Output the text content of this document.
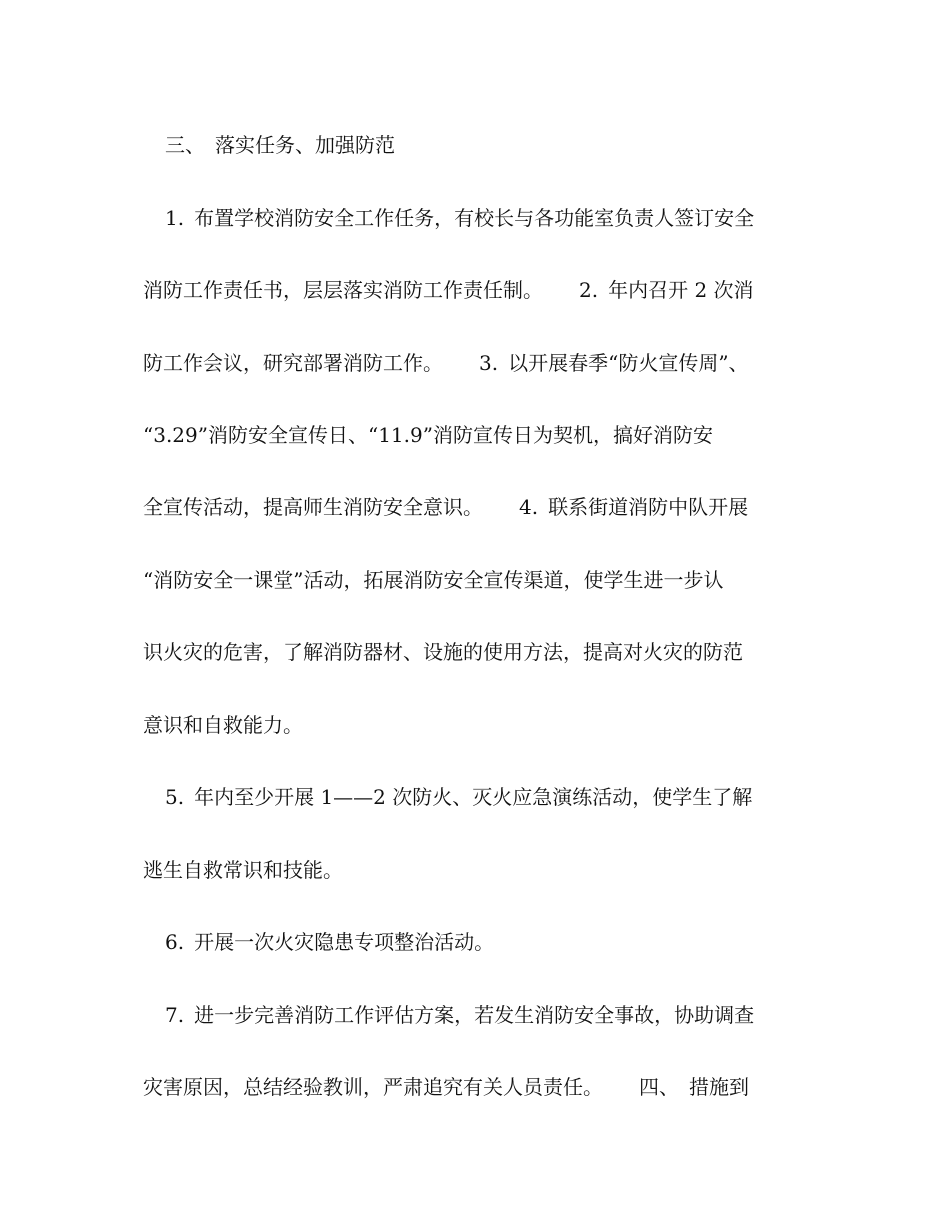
三、 落实任务、加强防范
1. 布置学校消防安全工作任务，有校长与各功能室负责人签订安全
消防工作责任书，层层落实消防工作责任制。 2. 年内召开 2 次消
防工作会议，研究部署消防工作。 3. 以开展春季“防火宣传周”、
“3.29”消防安全宣传日、“11.9”消防宣传日为契机，搞好消防安
全宣传活动，提高师生消防安全意识。 4. 联系街道消防中队开展
“消防安全一课堂”活动，拓展消防安全宣传渠道，使学生进一步认
识火灾的危害，了解消防器材、设施的使用方法，提高对火灾的防范
意识和自救能力。
5. 年内至少开展 1——2 次防火、灭火应急演练活动，使学生了解
逃生自救常识和技能。
6. 开展一次火灾隐患专项整治活动。
7. 进一步完善消防工作评估方案，若发生消防安全事故，协助调查
灾害原因，总结经验教训，严肃追究有关人员责任。 四、 措施到
